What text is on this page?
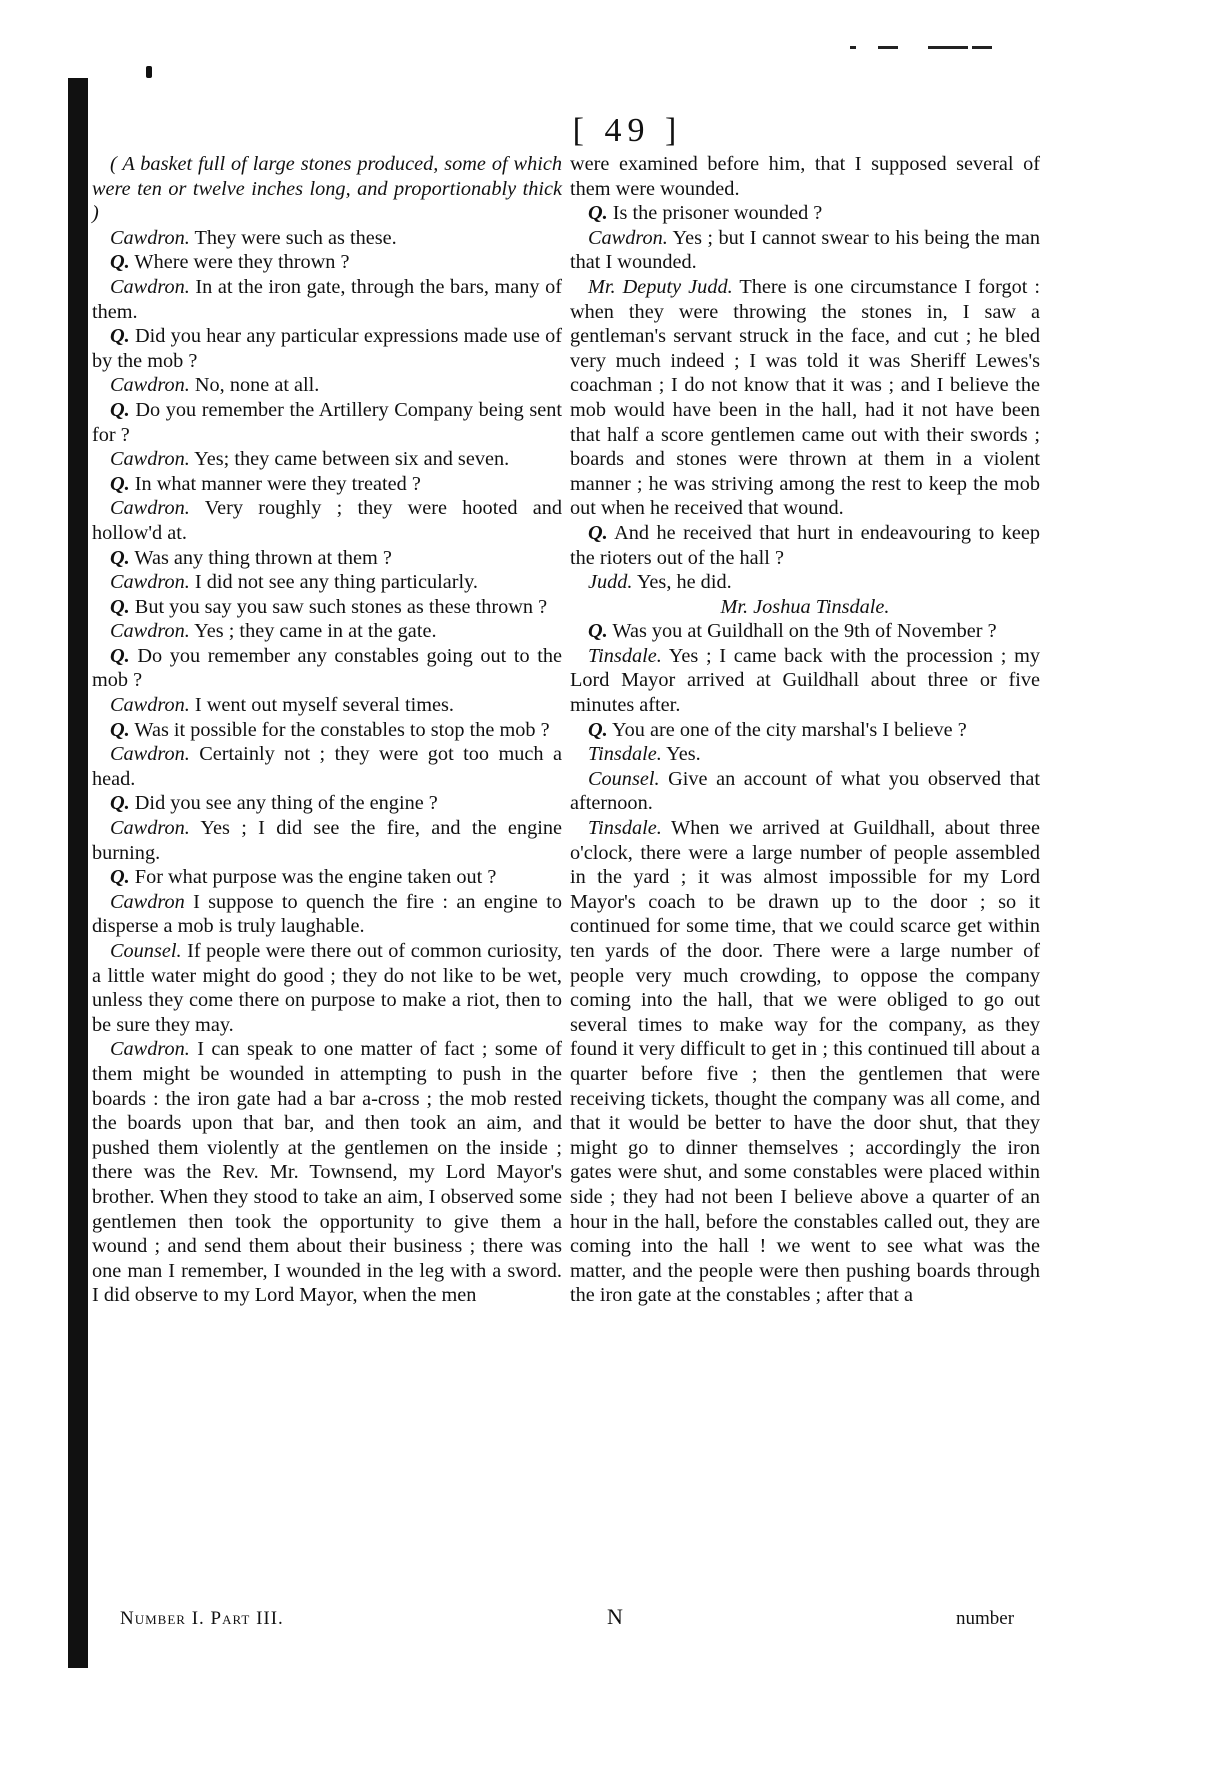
[ 49 ]

( A basket full of large stones produced, some of which were ten or twelve inches long, and proportionably thick )

Cawdron. They were such as these.

Q. Where were they thrown ?

Cawdron. In at the iron gate, through the bars, many of them.

Q. Did you hear any particular expressions made use of by the mob ?

Cawdron. No, none at all.

Q. Do you remember the Artillery Company being sent for ?

Cawdron. Yes; they came between six and seven.

Q. In what manner were they treated ?

Cawdron. Very roughly ; they were hooted and hollow'd at.

Q. Was any thing thrown at them ?

Cawdron. I did not see any thing particularly.

Q. But you say you saw such stones as these thrown ?

Cawdron. Yes ; they came in at the gate.

Q. Do you remember any constables going out to the mob ?

Cawdron. I went out myself several times.

Q. Was it possible for the constables to stop the mob ?

Cawdron. Certainly not ; they were got too much a head.

Q. Did you see any thing of the engine ?

Cawdron. Yes ; I did see the fire, and the engine burning.

Q. For what purpose was the engine taken out ?

Cawdron I suppose to quench the fire : an engine to disperse a mob is truly laughable.

Counsel. If people were there out of common curiosity, a little water might do good ; they do not like to be wet, unless they come there on purpose to make a riot, then to be sure they may.

Cawdron. I can speak to one matter of fact ; some of them might be wounded in attempting to push in the boards : the iron gate had a bar a-cross ; the mob rested the boards upon that bar, and then took an aim, and pushed them violently at the gentlemen on the inside ; there was the Rev. Mr. Townsend, my Lord Mayor's brother. When they stood to take an aim, I observed some gentlemen then took the opportunity to give them a wound ; and send them about their business ; there was one man I remember, I wounded in the leg with a sword. I did observe to my Lord Mayor, when the men

were examined before him, that I supposed several of them were wounded.

Q. Is the prisoner wounded ?

Cawdron. Yes ; but I cannot swear to his being the man that I wounded.

Mr. Deputy Judd. There is one circumstance I forgot : when they were throwing the stones in, I saw a gentleman's servant struck in the face, and cut ; he bled very much indeed ; I was told it was Sheriff Lewes's coachman ; I do not know that it was ; and I believe the mob would have been in the hall, had it not have been that half a score gentlemen came out with their swords ; boards and stones were thrown at them in a violent manner ; he was striving among the rest to keep the mob out when he received that wound.

Q. And he received that hurt in endeavouring to keep the rioters out of the hall ?

Judd. Yes, he did.

Mr. Joshua Tinsdale.

Q. Was you at Guildhall on the 9th of November ?

Tinsdale. Yes ; I came back with the procession ; my Lord Mayor arrived at Guildhall about three or five minutes after.

Q. You are one of the city marshal's I believe ?

Tinsdale. Yes.

Counsel. Give an account of what you observed that afternoon.

Tinsdale. When we arrived at Guildhall, about three o'clock, there were a large number of people assembled in the yard ; it was almost impossible for my Lord Mayor's coach to be drawn up to the door ; so it continued for some time, that we could scarce get within ten yards of the door. There were a large number of people very much crowding, to oppose the company coming into the hall, that we were obliged to go out several times to make way for the company, as they found it very difficult to get in ; this continued till about a quarter before five ; then the gentlemen that were receiving tickets, thought the company was all come, and that it would be better to have the door shut, that they might go to dinner themselves ; accordingly the iron gates were shut, and some constables were placed within side ; they had not been I believe above a quarter of an hour in the hall, before the constables called out, they are coming into the hall ! we went to see what was the matter, and the people were then pushing boards through the iron gate at the constables ; after that a

Number I. Part III.	N	number
